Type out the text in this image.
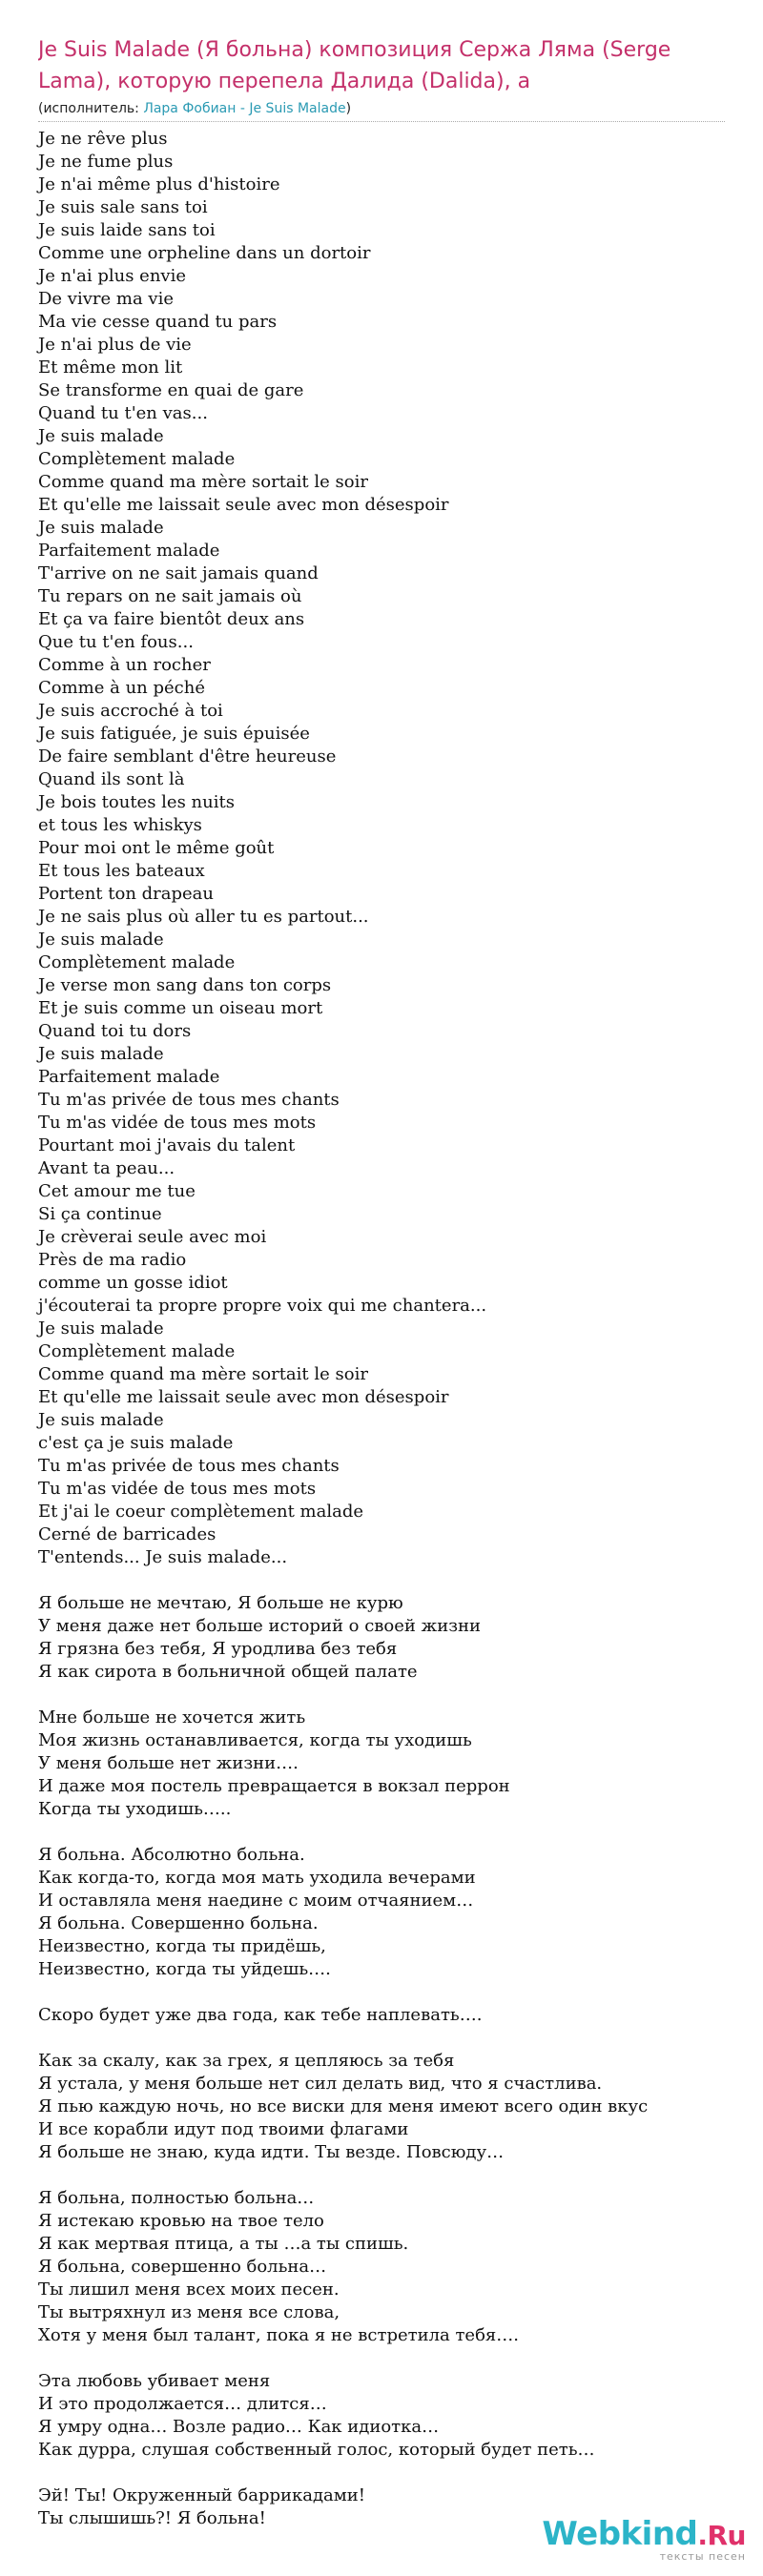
Je Suis Malade (Я больна) композиция Сержа Ляма (Serge Lama), которую перепела Далида (Dalida), а
(исполнитель: Лара Фобиан - Je Suis Malade)
Je ne rêve plus
Je ne fume plus
Je n'ai même plus d'histoire
Je suis sale sans toi
Je suis laide sans toi
Comme une orpheline dans un dortoir
Je n'ai plus envie
De vivre ma vie
Ma vie cesse quand tu pars
Je n'ai plus de vie
Et même mon lit
Se transforme en quai de gare
Quand tu t'en vas...
Je suis malade
Complètement malade
Comme quand ma mère sortait le soir
Et qu'elle me laissait seule avec mon désespoir
Je suis malade
Parfaitement malade
T'arrive on ne sait jamais quand
Tu repars on ne sait jamais où
Et ça va faire bientôt deux ans
Que tu t'en fous...
Comme à un rocher
Comme à un péché
Je suis accroché à toi
Je suis fatiguée, je suis épuisée
De faire semblant d'être heureuse
Quand ils sont là
Je bois toutes les nuits
et tous les whiskys
Pour moi ont le même goût
Et tous les bateaux
Portent ton drapeau
Je ne sais plus où aller tu es partout...
Je suis malade
Complètement malade
Je verse mon sang dans ton corps
Et je suis comme un oiseau mort
Quand toi tu dors
Je suis malade
Parfaitement malade
Tu m'as privée de tous mes chants
Tu m'as vidée de tous mes mots
Pourtant moi j'avais du talent
Avant ta peau...
Cet amour me tue
Si ça continue
Je crèverai seule avec moi
Près de ma radio
comme un gosse idiot
j'écouterai ta propre propre voix qui me chantera...
Je suis malade
Complètement malade
Comme quand ma mère sortait le soir
Et qu'elle me laissait seule avec mon désespoir
Je suis malade
c'est ça je suis malade
Tu m'as privée de tous mes chants
Tu m'as vidée de tous mes mots
Et j'ai le coeur complètement malade
Cerné de barricades
T'entends... Je suis malade...
Я больше не мечтаю, Я больше не курю
У меня даже нет больше историй о своей жизни
Я грязна без тебя, Я уродлива без тебя
Я как сирота в больничной общей палате
Мне больше не хочется жить
Моя жизнь останавливается, когда ты уходишь
У меня больше нет жизни….
И даже моя постель превращается в вокзал перрон
Когда ты уходишь…..
Я больна. Абсолютно больна.
Как когда-то, когда моя мать уходила вечерами
И оставляла меня наедине с моим отчаянием…
Я больна. Совершенно больна.
Неизвестно, когда ты придёшь,
Неизвестно, когда ты уйдешь….
Скоро будет уже два года, как тебе наплевать….
Как за скалу, как за грех, я цепляюсь за тебя
Я устала, у меня больше нет сил делать вид, что я счастлива.
Я пью каждую ночь, но все виски для меня имеют всего один вкус
И все корабли идут под твоими флагами
Я больше не знаю, куда идти. Ты везде. Повсюду…
Я больна, полностью больна…
Я истекаю кровью на твое тело
Я как мертвая птица, а ты …а ты спишь.
Я больна, совершенно больна…
Ты лишил меня всех моих песен.
Ты вытряхнул из меня все слова,
Хотя у меня был талант, пока я не встретила тебя….
Эта любовь убивает меня
И это продолжается… длится…
Я умру одна… Возле радио… Как идиотка…
Как дурра, слушая собственный голос, который будет петь…
Эй! Ты! Окруженный баррикадами!
Ты слышишь?! Я больна!	Webkind.Ru
тексты песен
